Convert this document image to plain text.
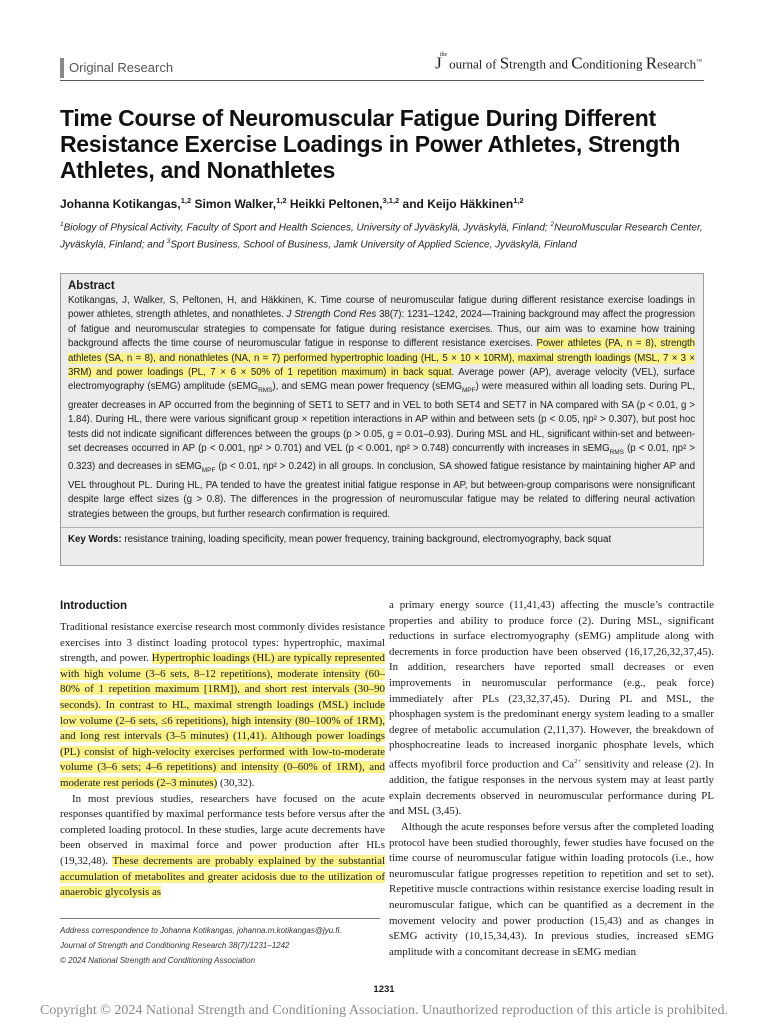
Original Research	$J^{the}ournal$ of Strength and Conditioning Research™
Time Course of Neuromuscular Fatigue During Different Resistance Exercise Loadings in Power Athletes, Strength Athletes, and Nonathletes
Johanna Kotikangas,$^{1,2}$ Simon Walker,$^{1,2}$ Heikki Peltonen,$^{3,1,2}$ and Keijo Häkkinen$^{1,2}$
$^1$Biology of Physical Activity, Faculty of Sport and Health Sciences, University of Jyväskylä, Jyväskylä, Finland; $^2$NeuroMuscular Research Center, Jyväskylä, Finland; and $^3$Sport Business, School of Business, Jamk University of Applied Science, Jyväskylä, Finland
Abstract
Kotikangas, J, Walker, S, Peltonen, H, and Häkkinen, K. Time course of neuromuscular fatigue during different resistance exercise loadings in power athletes, strength athletes, and nonathletes. J Strength Cond Res 38(7): 1231–1242, 2024—Training background may affect the progression of fatigue and neuromuscular strategies to compensate for fatigue during resistance exercises. Thus, our aim was to examine how training background affects the time course of neuromuscular fatigue in response to different resistance exercises. Power athletes (PA, n = 8), strength athletes (SA, n = 8), and nonathletes (NA, n = 7) performed hypertrophic loading (HL, 5 × 10 × 10RM), maximal strength loadings (MSL, 7 × 3 × 3RM) and power loadings (PL, 7 × 6 × 50% of 1 repetition maximum) in back squat. Average power (AP), average velocity (VEL), surface electromyography (sEMG) amplitude (sEMG$_{RMS}$), and sEMG mean power frequency (sEMG$_{MPF}$) were measured within all loading sets. During PL, greater decreases in AP occurred from the beginning of SET1 to SET7 and in VEL to both SET4 and SET7 in NA compared with SA (p < 0.01, g > 1.84). During HL, there were various significant group × repetition interactions in AP within and between sets (p < 0.05, ηp² > 0.307), but post hoc tests did not indicate significant differences between the groups (p > 0.05, g = 0.01–0.93). During MSL and HL, significant within-set and between-set decreases occurred in AP (p < 0.001, ηp² > 0.701) and VEL (p < 0.001, ηp² > 0.748) concurrently with increases in sEMG$_{RMS}$ (p < 0.01, ηp² > 0.323) and decreases in sEMG$_{MPF}$ (p < 0.01, ηp² > 0.242) in all groups. In conclusion, SA showed fatigue resistance by maintaining higher AP and VEL throughout PL. During HL, PA tended to have the greatest initial fatigue response in AP, but between-group comparisons were nonsignificant despite large effect sizes (g > 0.8). The differences in the progression of neuromuscular fatigue may be related to differing neural activation strategies between the groups, but further research confirmation is required.
Key Words: resistance training, loading specificity, mean power frequency, training background, electromyography, back squat
Introduction

Traditional resistance exercise research most commonly divides resistance exercises into 3 distinct loading protocol types: hypertrophic, maximal strength, and power. Hypertrophic loadings (HL) are typically represented with high volume (3–6 sets, 8–12 repetitions), moderate intensity (60–80% of 1 repetition maximum [1RM]), and short rest intervals (30–90 seconds). In contrast to HL, maximal strength loadings (MSL) include low volume (2–6 sets, ≤6 repetitions), high intensity (80–100% of 1RM), and long rest intervals (3–5 minutes) (11,41). Although power loadings (PL) consist of high-velocity exercises performed with low-to-moderate volume (3–6 sets; 4–6 repetitions) and intensity (0–60% of 1RM), and moderate rest periods (2–3 minutes) (30,32).

In most previous studies, researchers have focused on the acute responses quantified by maximal performance tests before versus after the completed loading protocol. In these studies, large acute decrements have been observed in maximal force and power production after HLs (19,32,48). These decrements are probably explained by the substantial accumulation of metabolites and greater acidosis due to the utilization of anaerobic glycolysis as

a primary energy source (11,41,43) affecting the muscle’s contractile properties and ability to produce force (2). During MSL, significant reductions in surface electromyography (sEMG) amplitude along with decrements in force production have been observed (16,17,26,32,37,45). In addition, researchers have reported small decreases or even improvements in neuromuscular performance (e.g., peak force) immediately after PLs (23,32,37,45). During PL and MSL, the phosphagen system is the predominant energy system leading to a smaller degree of metabolic accumulation (2,11,37). However, the breakdown of phosphocreatine leads to increased inorganic phosphate levels, which affects myofibril force production and $Ca^{2+}$ sensitivity and release (2). In addition, the fatigue responses in the nervous system may at least partly explain decrements observed in neuromuscular performance during PL and MSL (3,45).

Although the acute responses before versus after the completed loading protocol have been studied thoroughly, fewer studies have focused on the time course of neuromuscular fatigue within loading protocols (i.e., how neuromuscular fatigue progresses repetition to repetition and set to set). Repetitive muscle contractions within resistance exercise loading result in neuromuscular fatigue, which can be quantified as a decrement in the movement velocity and power production (15,43) and as changes in sEMG activity (10,15,34,43). In previous studies, increased sEMG amplitude with a concomitant decrease in sEMG median

Address correspondence to Johanna Kotikangas, johanna.m.kotikangas@jyu.fi.
Journal of Strength and Conditioning Research 38(7)/1231–1242
© 2024 National Strength and Conditioning Association
1231
Copyright © 2024 National Strength and Conditioning Association. Unauthorized reproduction of this article is prohibited.
